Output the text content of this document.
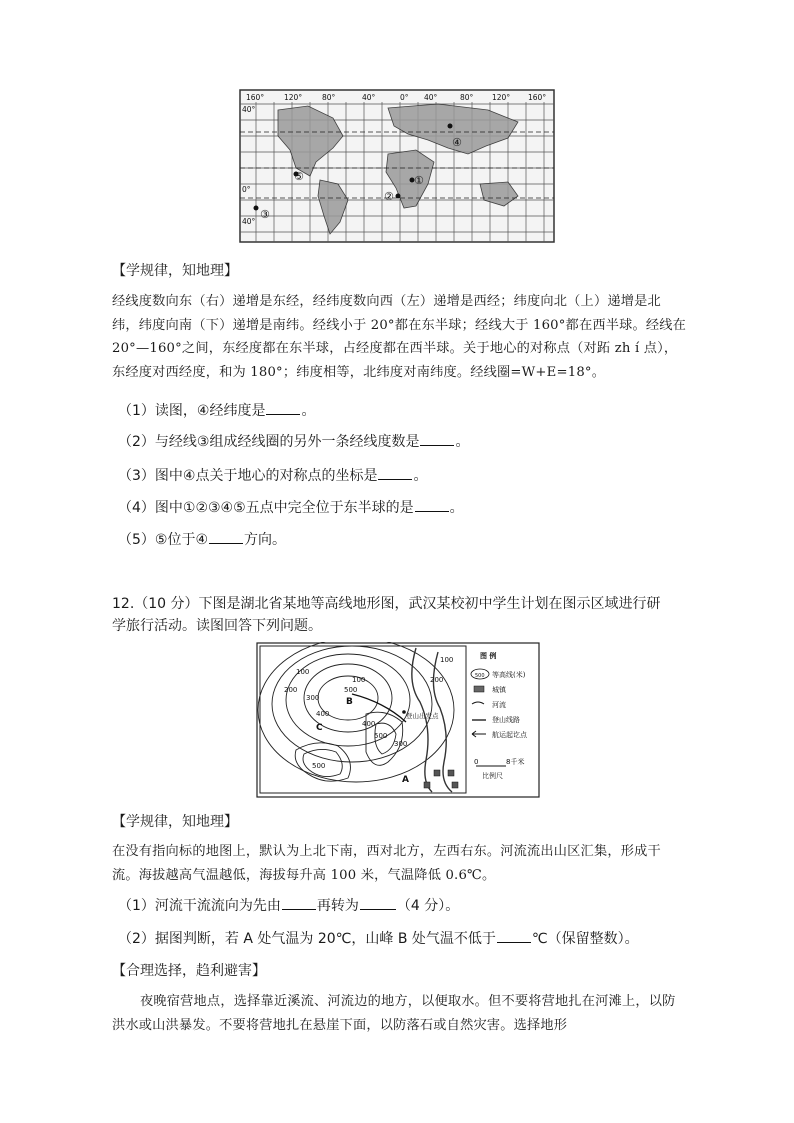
160°	120°	80°	40°	0° 40°	80° 120° 160°
40°
0°
40°
④
⑤	①
②
③
【学规律，知地理】
经线度数向东（右）递增是东经，经纬度数向西（左）递增是西经；纬度向北（上）递增是北纬，纬度向南（下）递增是南纬。经线小于 20°都在东半球；经线大于 160°都在西半球。经线在 20°—160°之间，东经度都在东半球，占经度都在西半球。关于地心的对称点（对跖 zh í 点），东经度对西经度，和为 180°；纬度相等，北纬度对南纬度。经线圈=W+E=18°。
（1）读图，④经纬度是	。
（2）与经线③组成经线圈的另外一条经线度数是	。
（3）图中④点关于地心的对称点的坐标是	。
（4）图中①②③④⑤五点中完全位于东半球的是	。
（5）⑤位于④	方向。
12.（10 分）下图是湖北省某地等高线地形图，武汉某校初中学生计划在图示区域进行研
学旅行活动。读图回答下列问题。
100
200
300
400
500
100
200
400
500
300
500
100
A
B
C
登山出发点
图 例
500 等高线(米)
城镇
河流
登山线路
航运起讫点
0	8千米
比例尺
【学规律，知地理】
在没有指向标的地图上，默认为上北下南，西对北方，左西右东。河流流出山区汇集，形成干流。海拔越高气温越低，海拔每升高 100 米，气温降低 0.6℃。
（1）河流干流流向为先由	再转为	（4 分）。
（2）据图判断，若 A 处气温为 20℃，山峰 B 处气温不低于	℃（保留整数）。
【合理选择，趋利避害】
夜晚宿营地点，选择靠近溪流、河流边的地方，以便取水。但不要将营地扎在河滩上，以防洪水或山洪暴发。不要将营地扎在悬崖下面，以防落石或自然灾害。选择地形
